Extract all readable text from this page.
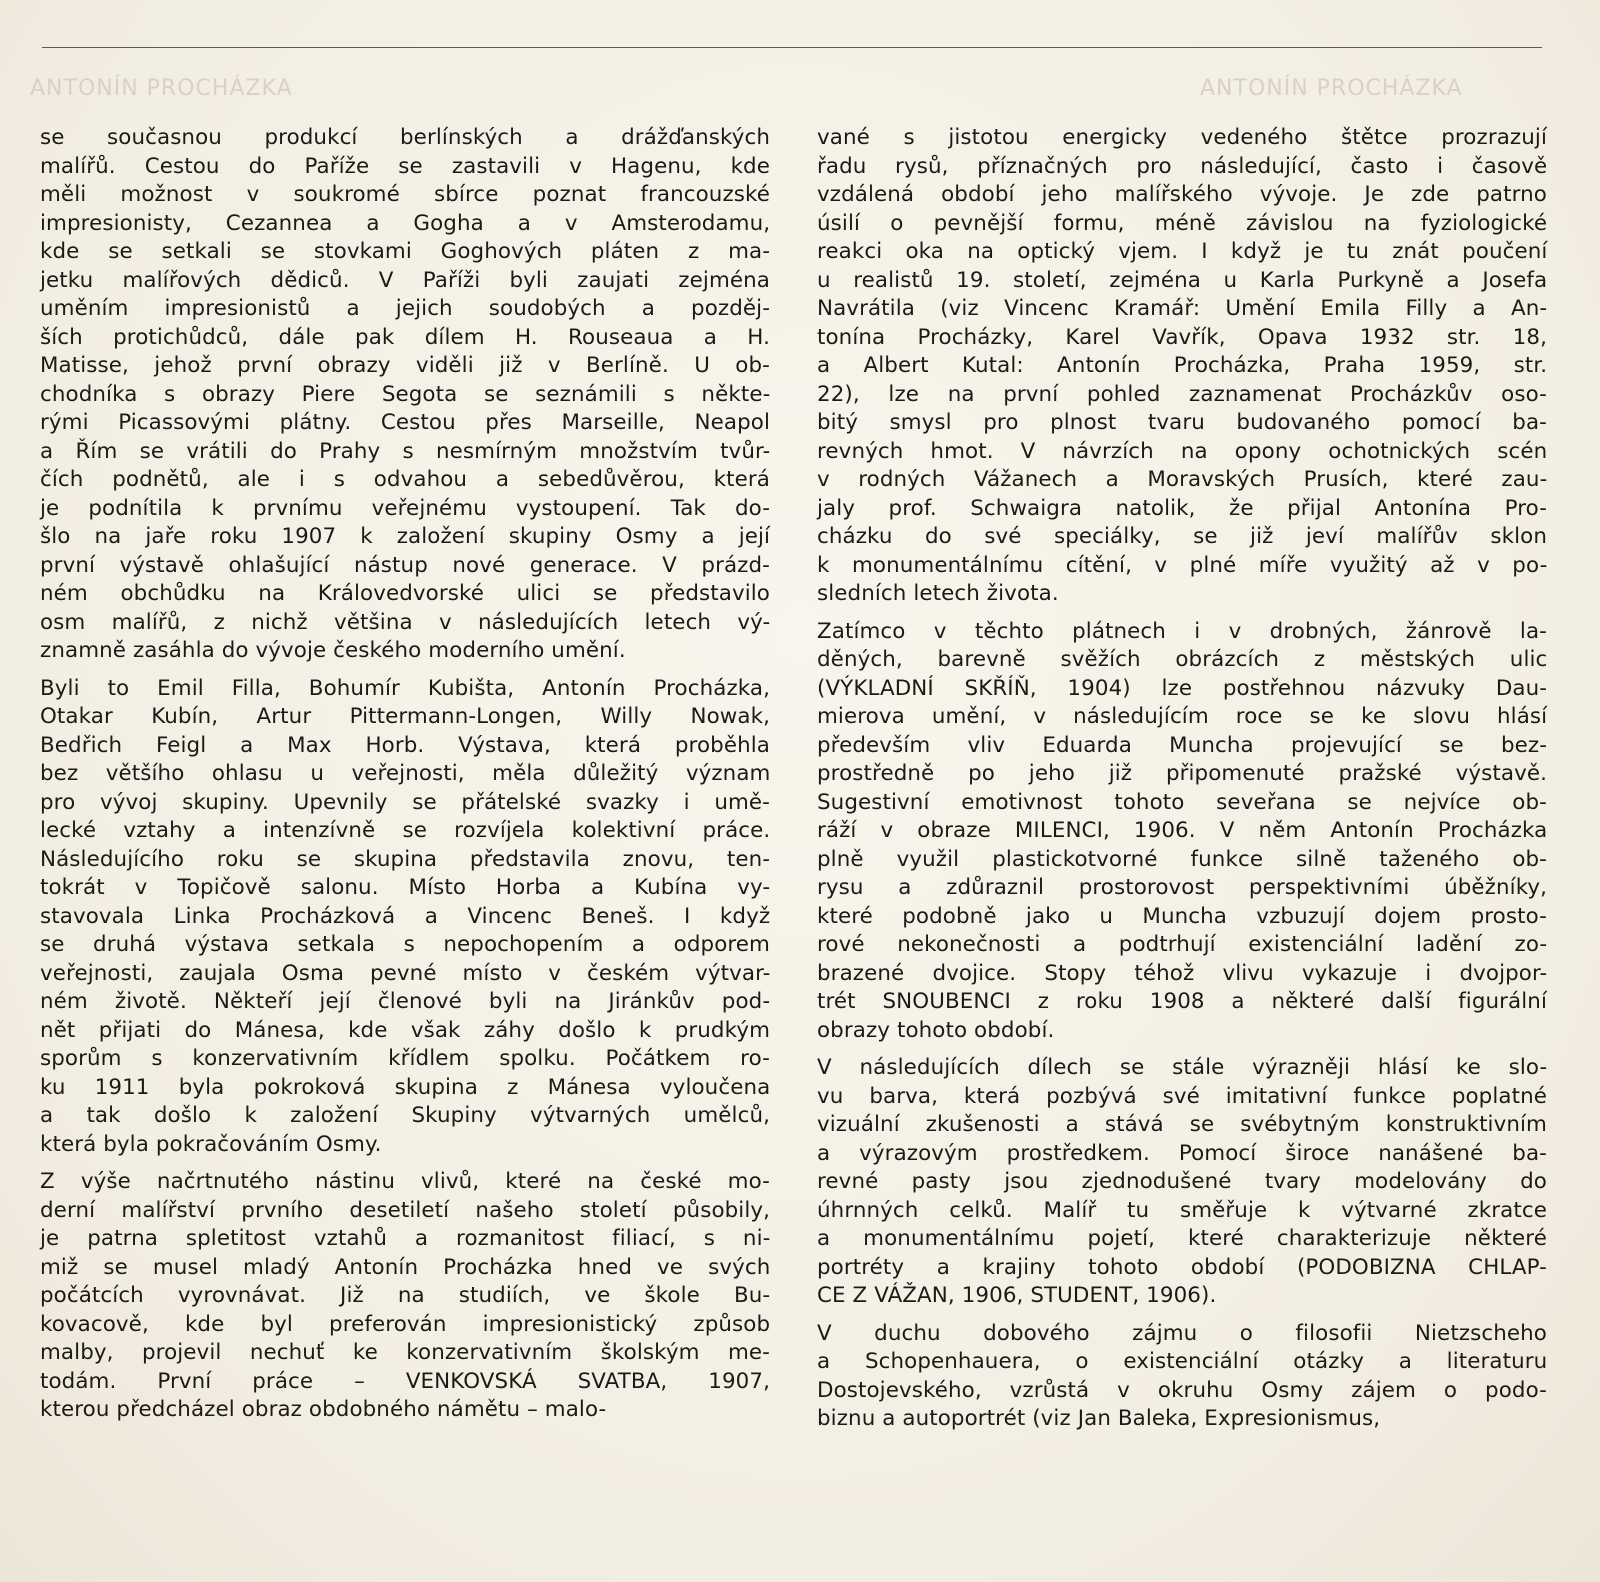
ANTONÍN PROCHÁZKA	ANTONÍN PROCHÁZKA

se současnou produkcí berlínských a drážďanských
malířů. Cestou do Paříže se zastavili v Hagenu, kde
měli možnost v soukromé sbírce poznat francouzské
impresionisty, Cezannea a Gogha a v Amsterodamu,
kde se setkali se stovkami Goghových pláten z ma-
jetku malířových dědiců. V Paříži byli zaujati zejména
uměním impresionistů a jejich soudobých a pozděj-
ších protichůdců, dále pak dílem H. Rouseaua a H.
Matisse, jehož první obrazy viděli již v Berlíně. U ob-
chodníka s obrazy Piere Segota se seznámili s někte-
rými Picassovými plátny. Cestou přes Marseille, Neapol
a Řím se vrátili do Prahy s nesmírným množstvím tvůr-
čích podnětů, ale i s odvahou a sebedůvěrou, která
je podnítila k prvnímu veřejnému vystoupení. Tak do-
šlo na jaře roku 1907 k založení skupiny Osmy a její
první výstavě ohlašující nástup nové generace. V prázd-
ném obchůdku na Královedvorské ulici se představilo
osm malířů, z nichž většina v následujících letech vý-
znamně zasáhla do vývoje českého moderního umění.

Byli to Emil Filla, Bohumír Kubišta, Antonín Procházka,
Otakar Kubín, Artur Pittermann-Longen, Willy Nowak,
Bedřich Feigl a Max Horb. Výstava, která proběhla
bez většího ohlasu u veřejnosti, měla důležitý význam
pro vývoj skupiny. Upevnily se přátelské svazky i umě-
lecké vztahy a intenzívně se rozvíjela kolektivní práce.
Následujícího roku se skupina představila znovu, ten-
tokrát v Topičově salonu. Místo Horba a Kubína vy-
stavovala Linka Procházková a Vincenc Beneš. I když
se druhá výstava setkala s nepochopením a odporem
veřejnosti, zaujala Osma pevné místo v českém výtvar-
ném životě. Někteří její členové byli na Jiránkův pod-
nět přijati do Mánesa, kde však záhy došlo k prudkým
sporům s konzervativním křídlem spolku. Počátkem ro-
ku 1911 byla pokroková skupina z Mánesa vyloučena
a tak došlo k založení Skupiny výtvarných umělců,
která byla pokračováním Osmy.

Z výše načrtnutého nástinu vlivů, které na české mo-
derní malířství prvního desetiletí našeho století působily,
je patrna spletitost vztahů a rozmanitost filiací, s ni-
miž se musel mladý Antonín Procházka hned ve svých
počátcích vyrovnávat. Již na studiích, ve škole Bu-
kovacově, kde byl preferován impresionistický způsob
malby, projevil nechuť ke konzervativním školským me-
todám. První práce – VENKOVSKÁ SVATBA, 1907,
kterou předcházel obraz obdobného námětu – malo-

vané s jistotou energicky vedeného štětce prozrazují
řadu rysů, příznačných pro následující, často i časově
vzdálená období jeho malířského vývoje. Je zde patrno
úsilí o pevnější formu, méně závislou na fyziologické
reakci oka na optický vjem. I když je tu znát poučení
u realistů 19. století, zejména u Karla Purkyně a Josefa
Navrátila (viz Vincenc Kramář: Umění Emila Filly a An-
tonína Procházky, Karel Vavřík, Opava 1932 str. 18,
a Albert Kutal: Antonín Procházka, Praha 1959, str.
22), lze na první pohled zaznamenat Procházkův oso-
bitý smysl pro plnost tvaru budovaného pomocí ba-
revných hmot. V návrzích na opony ochotnických scén
v rodných Vážanech a Moravských Prusích, které zau-
jaly prof. Schwaigra natolik, že přijal Antonína Pro-
cházku do své speciálky, se již jeví malířův sklon
k monumentálnímu cítění, v plné míře využitý až v po-
sledních letech života.

Zatímco v těchto plátnech i v drobných, žánrově la-
děných, barevně svěžích obrázcích z městských ulic
(VÝKLADNÍ SKŘÍŇ, 1904) lze postřehnou názvuky Dau-
mierova umění, v následujícím roce se ke slovu hlásí
především vliv Eduarda Muncha projevující se bez-
prostředně po jeho již připomenuté pražské výstavě.
Sugestivní emotivnost tohoto seveřana se nejvíce ob-
ráží v obraze MILENCI, 1906. V něm Antonín Procházka
plně využil plastickotvorné funkce silně taženého ob-
rysu a zdůraznil prostorovost perspektivními úběžníky,
které podobně jako u Muncha vzbuzují dojem prosto-
rové nekonečnosti a podtrhují existenciální ladění zo-
brazené dvojice. Stopy téhož vlivu vykazuje i dvojpor-
trét SNOUBENCI z roku 1908 a některé další figurální
obrazy tohoto období.

V následujících dílech se stále výrazněji hlásí ke slo-
vu barva, která pozbývá své imitativní funkce poplatné
vizuální zkušenosti a stává se svébytným konstruktivním
a výrazovým prostředkem. Pomocí široce nanášené ba-
revné pasty jsou zjednodušené tvary modelovány do
úhrnných celků. Malíř tu směřuje k výtvarné zkratce
a monumentálnímu pojetí, které charakterizuje některé
portréty a krajiny tohoto období (PODOBIZNA CHLAP-
CE Z VÁŽAN, 1906, STUDENT, 1906).

V duchu dobového zájmu o filosofii Nietzscheho
a Schopenhauera, o existenciální otázky a literaturu
Dostojevského, vzrůstá v okruhu Osmy zájem o podo-
biznu a autoportrét (viz Jan Baleka, Expresionismus,
